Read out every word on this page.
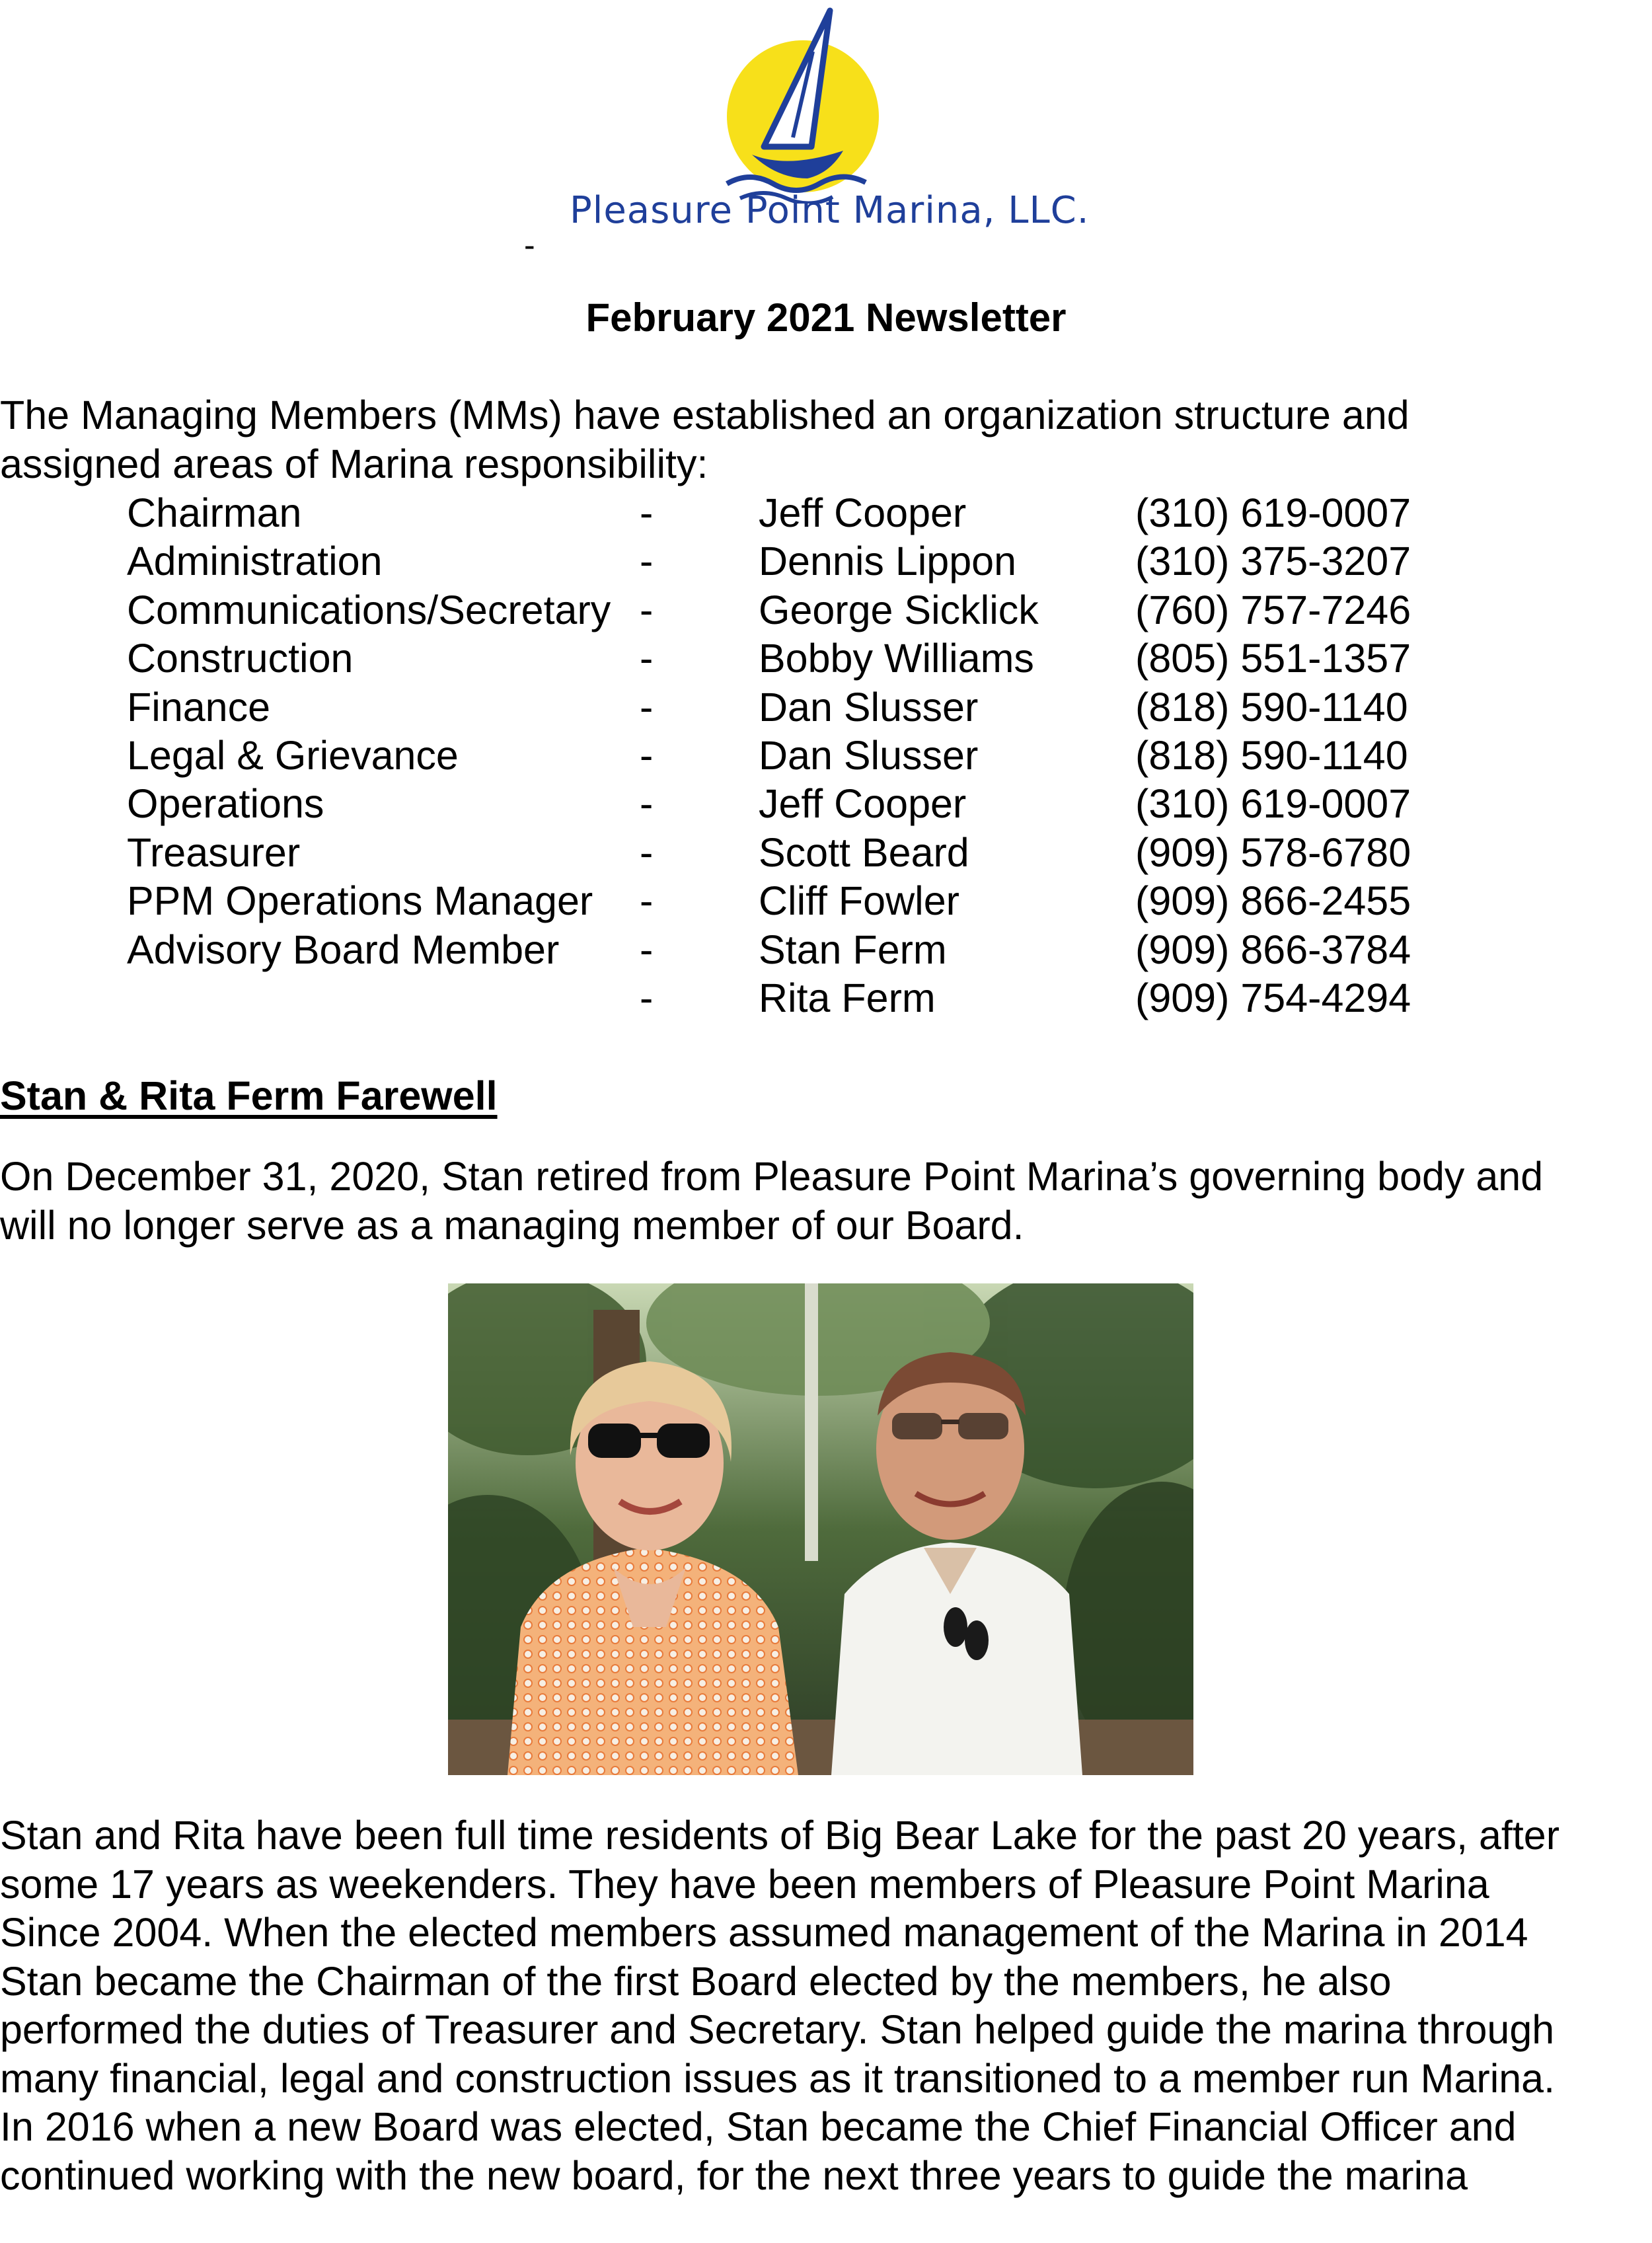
Pleasure Point Marina, LLC.
-
February 2021 Newsletter
The Managing Members (MMs) have established an organization structure and
assigned areas of Marina responsibility:
Chairman	-	Jeff Cooper	(310) 619-0007
Administration	-	Dennis Lippon	(310) 375-3207
Communications/Secretary -	George Sicklick (760) 757-7246
Construction	-	Bobby Williams	(805) 551-1357
Finance	-	Dan Slusser	(818) 590-1140
Legal & Grievance	-	Dan Slusser	(818) 590-1140
Operations	-	Jeff Cooper	(310) 619-0007
Treasurer	-	Scott Beard	(909) 578-6780
PPM Operations Manager -	Cliff Fowler	(909) 866-2455
Advisory Board Member -	Stan Ferm	(909) 866-3784
-	Rita Ferm	(909) 754-4294
Stan & Rita Ferm Farewell
On December 31, 2020, Stan retired from Pleasure Point Marina’s governing body and
will no longer serve as a managing member of our Board.
Stan and Rita have been full time residents of Big Bear Lake for the past 20 years, after
some 17 years as weekenders. They have been members of Pleasure Point Marina
Since 2004. When the elected members assumed management of the Marina in 2014
Stan became the Chairman of the first Board elected by the members, he also
performed the duties of Treasurer and Secretary. Stan helped guide the marina through
many financial, legal and construction issues as it transitioned to a member run Marina.
In 2016 when a new Board was elected, Stan became the Chief Financial Officer and
continued working with the new board, for the next three years to guide the marina
